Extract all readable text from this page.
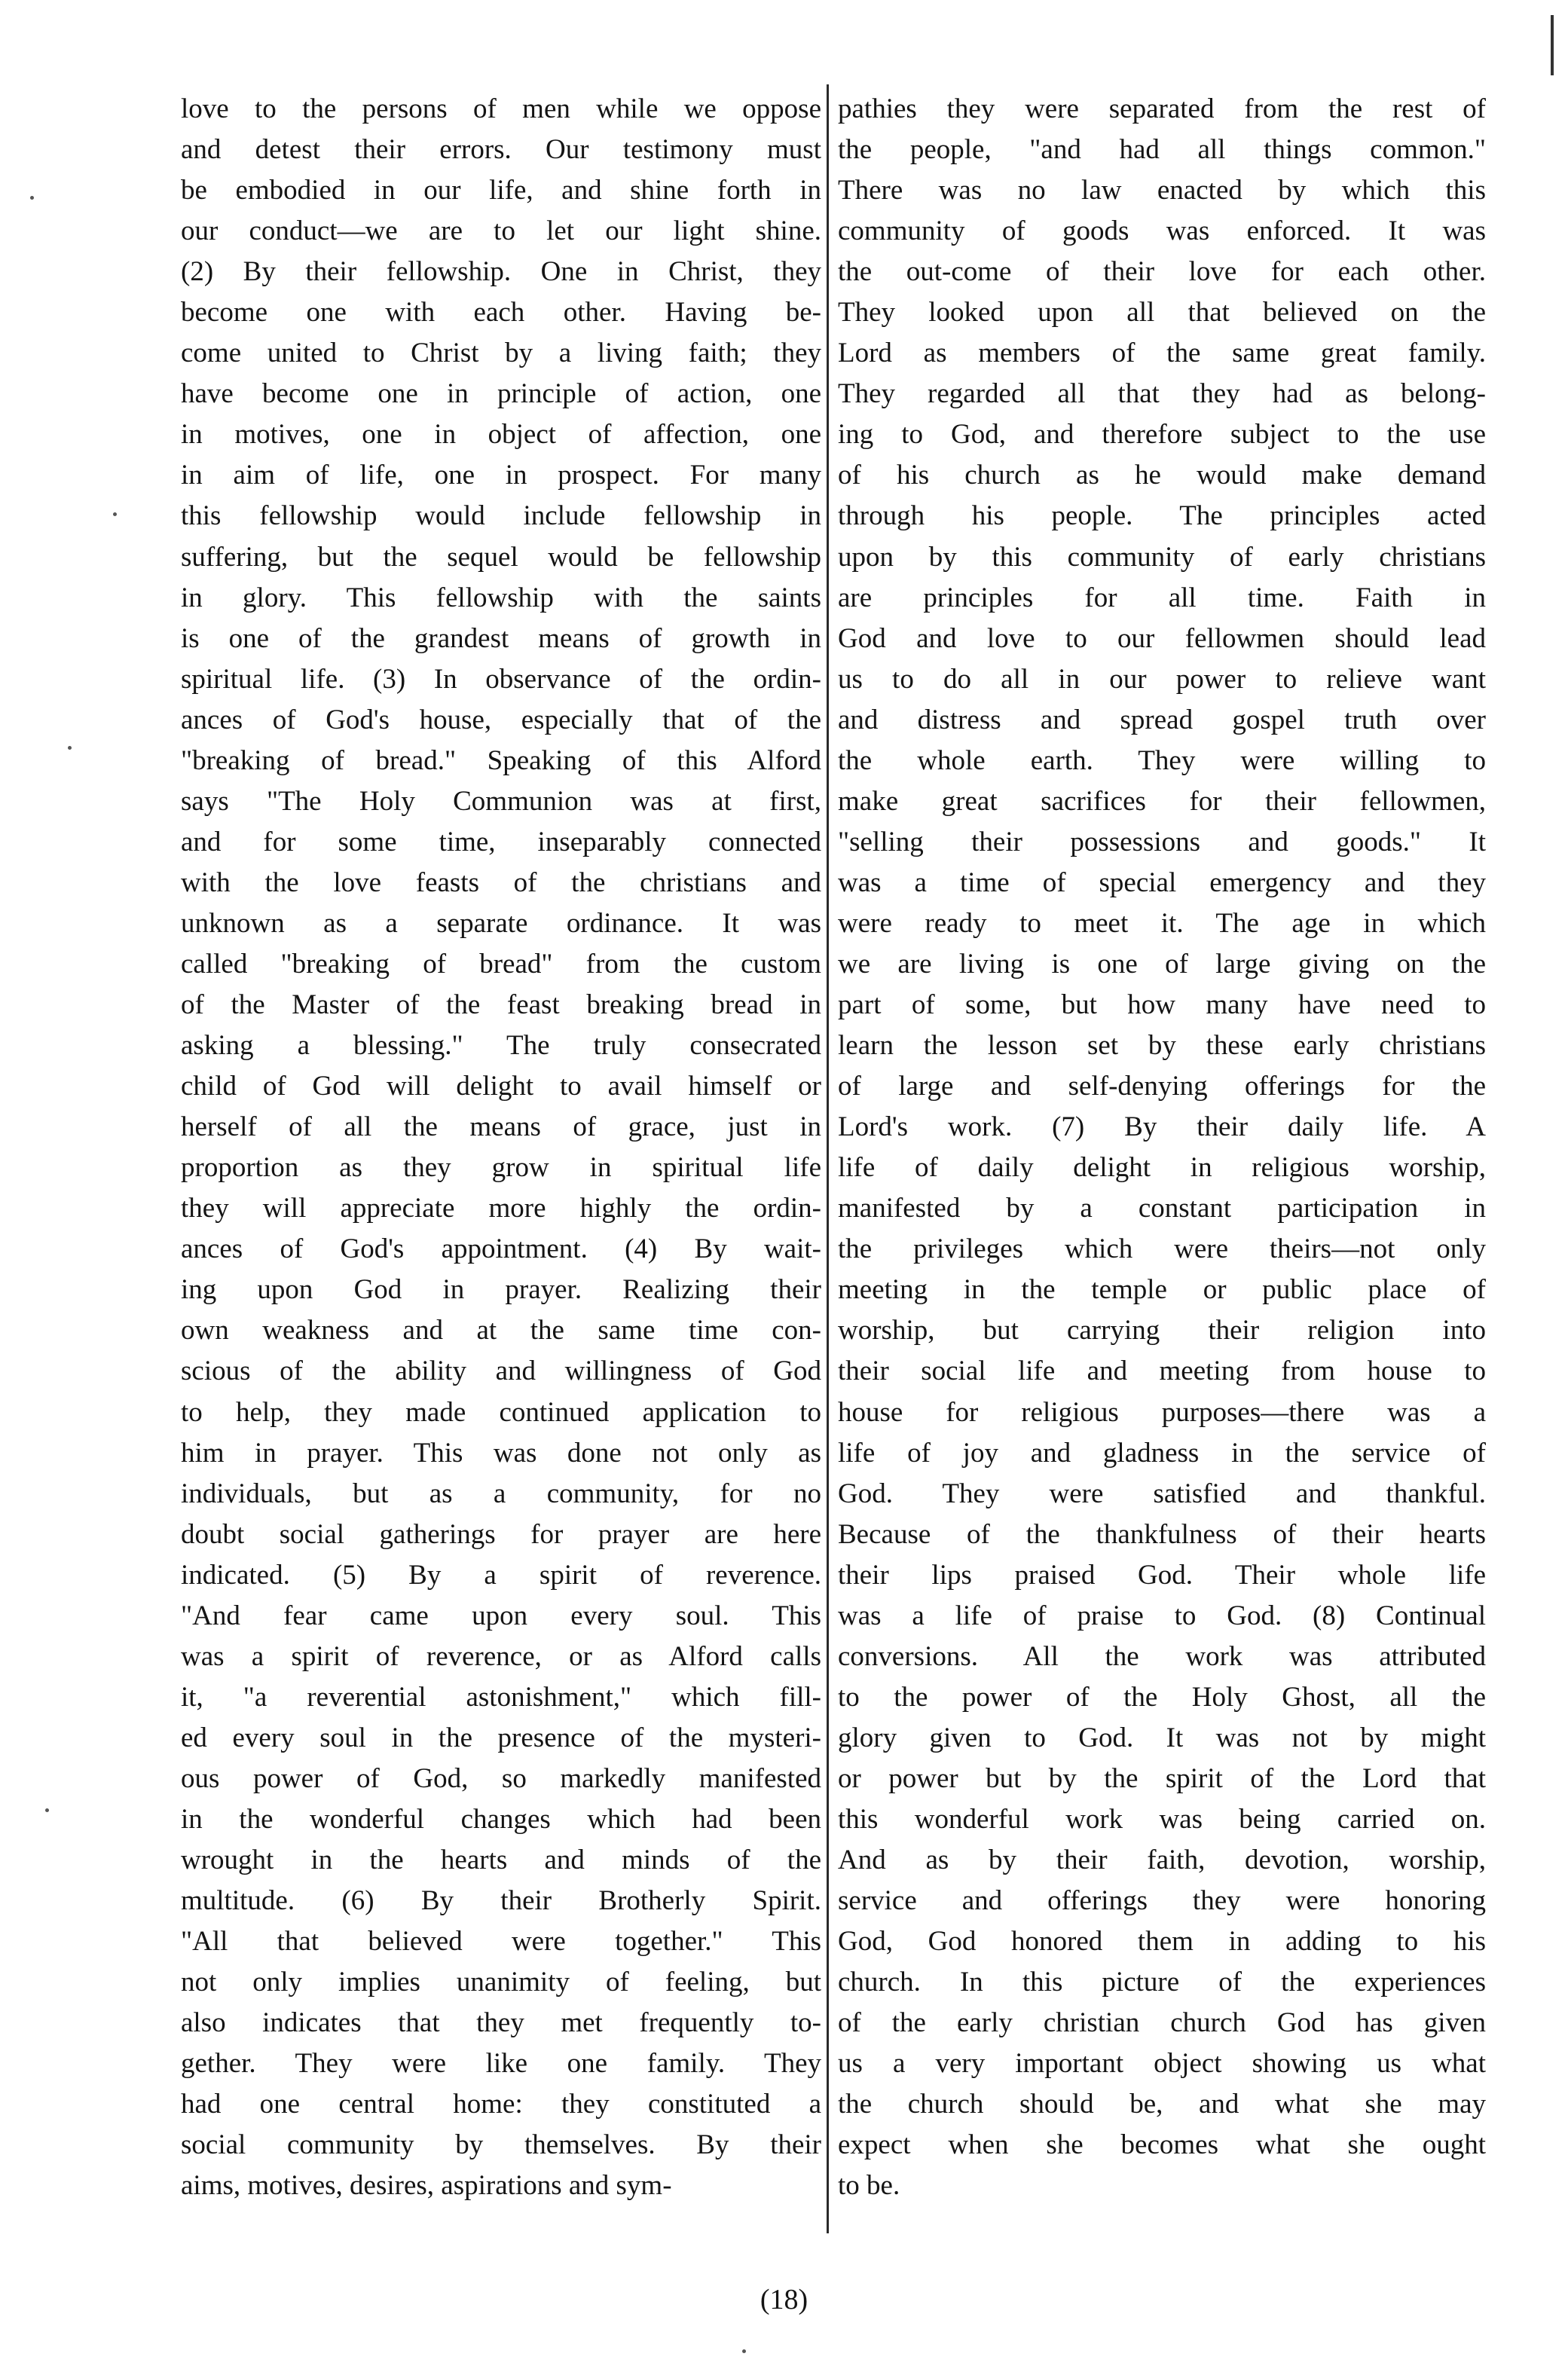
love to the persons of men while we oppose
and detest their errors. Our testimony must
be embodied in our life, and shine forth in
our conduct—we are to let our light shine.
(2) By their fellowship. One in Christ, they
become one with each other. Having be-
come united to Christ by a living faith; they
have become one in principle of action, one
in motives, one in object of affection, one
in aim of life, one in prospect. For many
this fellowship would include fellowship in
suffering, but the sequel would be fellowship
in glory. This fellowship with the saints
is one of the grandest means of growth in
spiritual life. (3) In observance of the ordin-
ances of God's house, especially that of the
"breaking of bread." Speaking of this Alford
says "The Holy Communion was at first,
and for some time, inseparably connected
with the love feasts of the christians and
unknown as a separate ordinance. It was
called "breaking of bread" from the custom
of the Master of the feast breaking bread in
asking a blessing." The truly consecrated
child of God will delight to avail himself or
herself of all the means of grace, just in
proportion as they grow in spiritual life
they will appreciate more highly the ordin-
ances of God's appointment. (4) By wait-
ing upon God in prayer. Realizing their
own weakness and at the same time con-
scious of the ability and willingness of God
to help, they made continued application to
him in prayer. This was done not only as
individuals, but as a community, for no
doubt social gatherings for prayer are here
indicated. (5) By a spirit of reverence.
"And fear came upon every soul. This
was a spirit of reverence, or as Alford calls
it, "a reverential astonishment," which fill-
ed every soul in the presence of the mysteri-
ous power of God, so markedly manifested
in the wonderful changes which had been
wrought in the hearts and minds of the
multitude. (6) By their Brotherly Spirit.
"All that believed were together." This
not only implies unanimity of feeling, but
also indicates that they met frequently to-
gether. They were like one family. They
had one central home: they constituted a
social community by themselves. By their
aims, motives, desires, aspirations and sym-
pathies they were separated from the rest of
the people, "and had all things common."
There was no law enacted by which this
community of goods was enforced. It was
the out-come of their love for each other.
They looked upon all that believed on the
Lord as members of the same great family.
They regarded all that they had as belong-
ing to God, and therefore subject to the use
of his church as he would make demand
through his people. The principles acted
upon by this community of early christians
are principles for all time. Faith in
God and love to our fellowmen should lead
us to do all in our power to relieve want
and distress and spread gospel truth over
the whole earth. They were willing to
make great sacrifices for their fellowmen,
"selling their possessions and goods." It
was a time of special emergency and they
were ready to meet it. The age in which
we are living is one of large giving on the
part of some, but how many have need to
learn the lesson set by these early christians
of large and self-denying offerings for the
Lord's work. (7) By their daily life. A
life of daily delight in religious worship,
manifested by a constant participation in
the privileges which were theirs—not only
meeting in the temple or public place of
worship, but carrying their religion into
their social life and meeting from house to
house for religious purposes—there was a
life of joy and gladness in the service of
God. They were satisfied and thankful.
Because of the thankfulness of their hearts
their lips praised God. Their whole life
was a life of praise to God. (8) Continual
conversions. All the work was attributed
to the power of the Holy Ghost, all the
glory given to God. It was not by might
or power but by the spirit of the Lord that
this wonderful work was being carried on.
And as by their faith, devotion, worship,
service and offerings they were honoring
God, God honored them in adding to his
church. In this picture of the experiences
of the early christian church God has given
us a very important object showing us what
the church should be, and what she may
expect when she becomes what she ought
to be.
(18)
